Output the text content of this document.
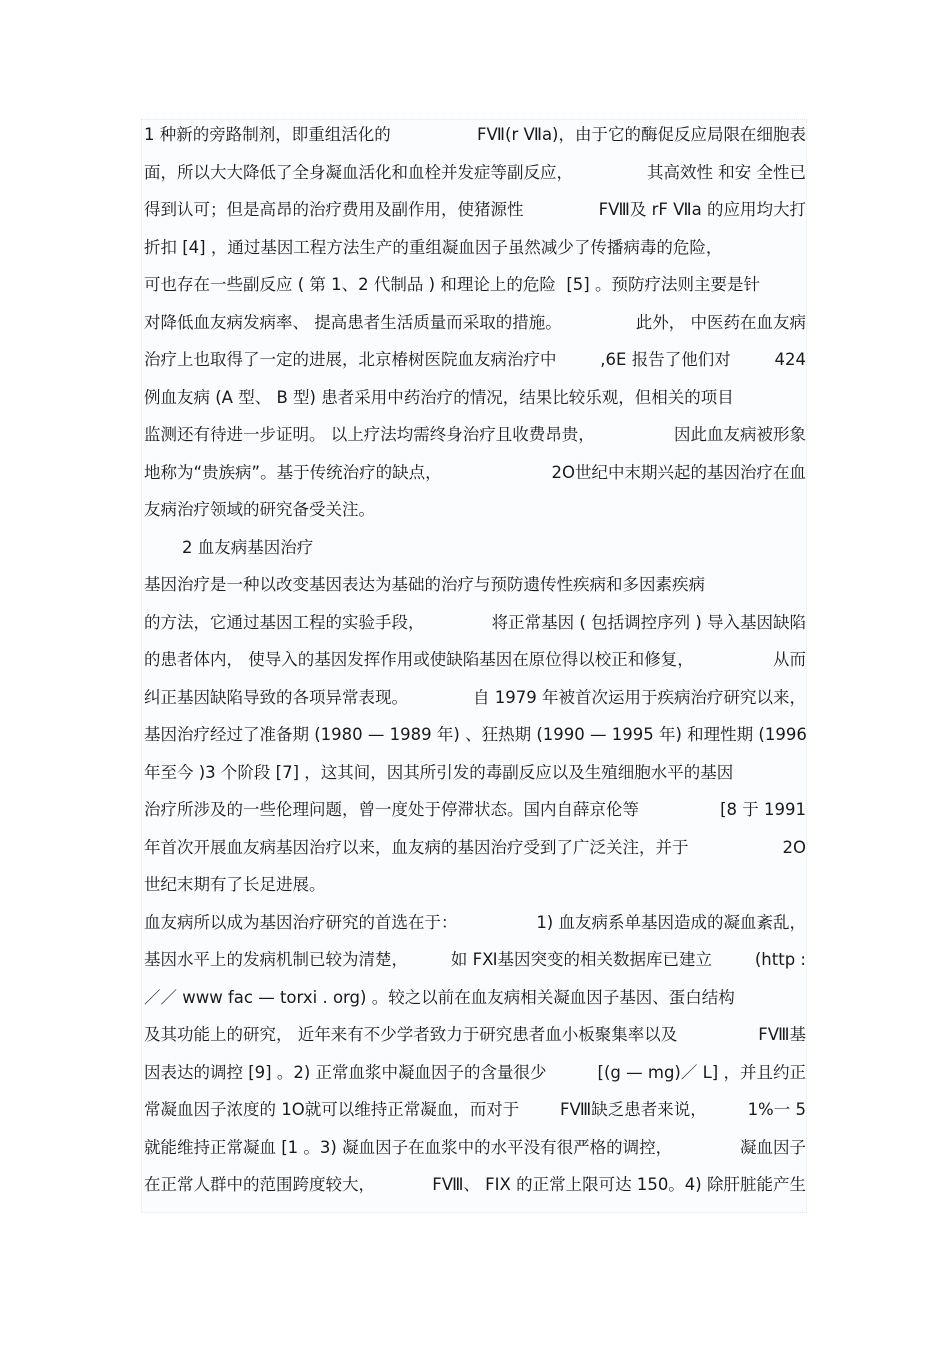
1 种新的旁路制剂，即重组活化的	FⅦ(r Ⅶa)，由于它的酶促反应局限在细胞表
面，所以大大降低了全身凝血活化和血栓并发症等副反应，	其高效性 和安 全性已
得到认可；但是高昂的治疗费用及副作用，使猪源性	FⅧ及 rF Ⅶa 的应用均大打
折扣 [4] ，通过基因工程方法生产的重组凝血因子虽然减少了传播病毒的危险，
可也存在一些副反应 ( 第 1、2 代制品 ) 和理论上的危险  [5] 。预防疗法则主要是针
对降低血友病发病率、 提高患者生活质量而采取的措施。	此外， 中医药在血友病
治疗上也取得了一定的进展，北京椿树医院血友病治疗中	,6E 报告了他们对	424
例血友病 (A 型、 B 型) 患者采用中药治疗的情况，结果比较乐观，但相关的项目
监测还有待进一步证明。 以上疗法均需终身治疗且收费昂贵，	因此血友病被形象
地称为“贵族病”。基于传统治疗的缺点，	2O世纪中末期兴起的基因治疗在血
友病治疗领域的研究备受关注。
2 血友病基因治疗
基因治疗是一种以改变基因表达为基础的治疗与预防遗传性疾病和多因素疾病
的方法，它通过基因工程的实验手段，	将正常基因 ( 包括调控序列 ) 导入基因缺陷
的患者体内， 使导入的基因发挥作用或使缺陷基因在原位得以校正和修复，	从而
纠正基因缺陷导致的各项异常表现。	自 1979 年被首次运用于疾病治疗研究以来，
基因治疗经过了准备期 (1980 — 1989 年) 、狂热期 (1990 — 1995 年) 和理性期 (1996
年至今 )3 个阶段 [7] ，这其间，因其所引发的毒副反应以及生殖细胞水平的基因
治疗所涉及的一些伦理问题，曾一度处于停滞状态。国内自薛京伦等	[8 于 1991
年首次开展血友病基因治疗以来，血友病的基因治疗受到了广泛关注，并于	2O
世纪末期有了长足进展。
血友病所以成为基因治疗研究的首选在于：	1) 血友病系单基因造成的凝血紊乱，
基因水平上的发病机制已较为清楚，	如 FⅪ基因突变的相关数据库已建立	(http :
／／ www fac — torxi . org) 。较之以前在血友病相关凝血因子基因、蛋白结构
及其功能上的研究， 近年来有不少学者致力于研究患者血小板聚集率以及	FⅧ基
因表达的调控 [9] 。2) 正常血浆中凝血因子的含量很少	[(g — mg)／ L] ，并且约正
常凝血因子浓度的 1O就可以维持正常凝血，而对于 FⅧ缺乏患者来说， 1%一 5
就能维持正常凝血 [1 。3) 凝血因子在血浆中的水平没有很严格的调控，	凝血因子
在正常人群中的范围跨度较大，	FⅧ、 FIX 的正常上限可达 150。4) 除肝脏能产生
